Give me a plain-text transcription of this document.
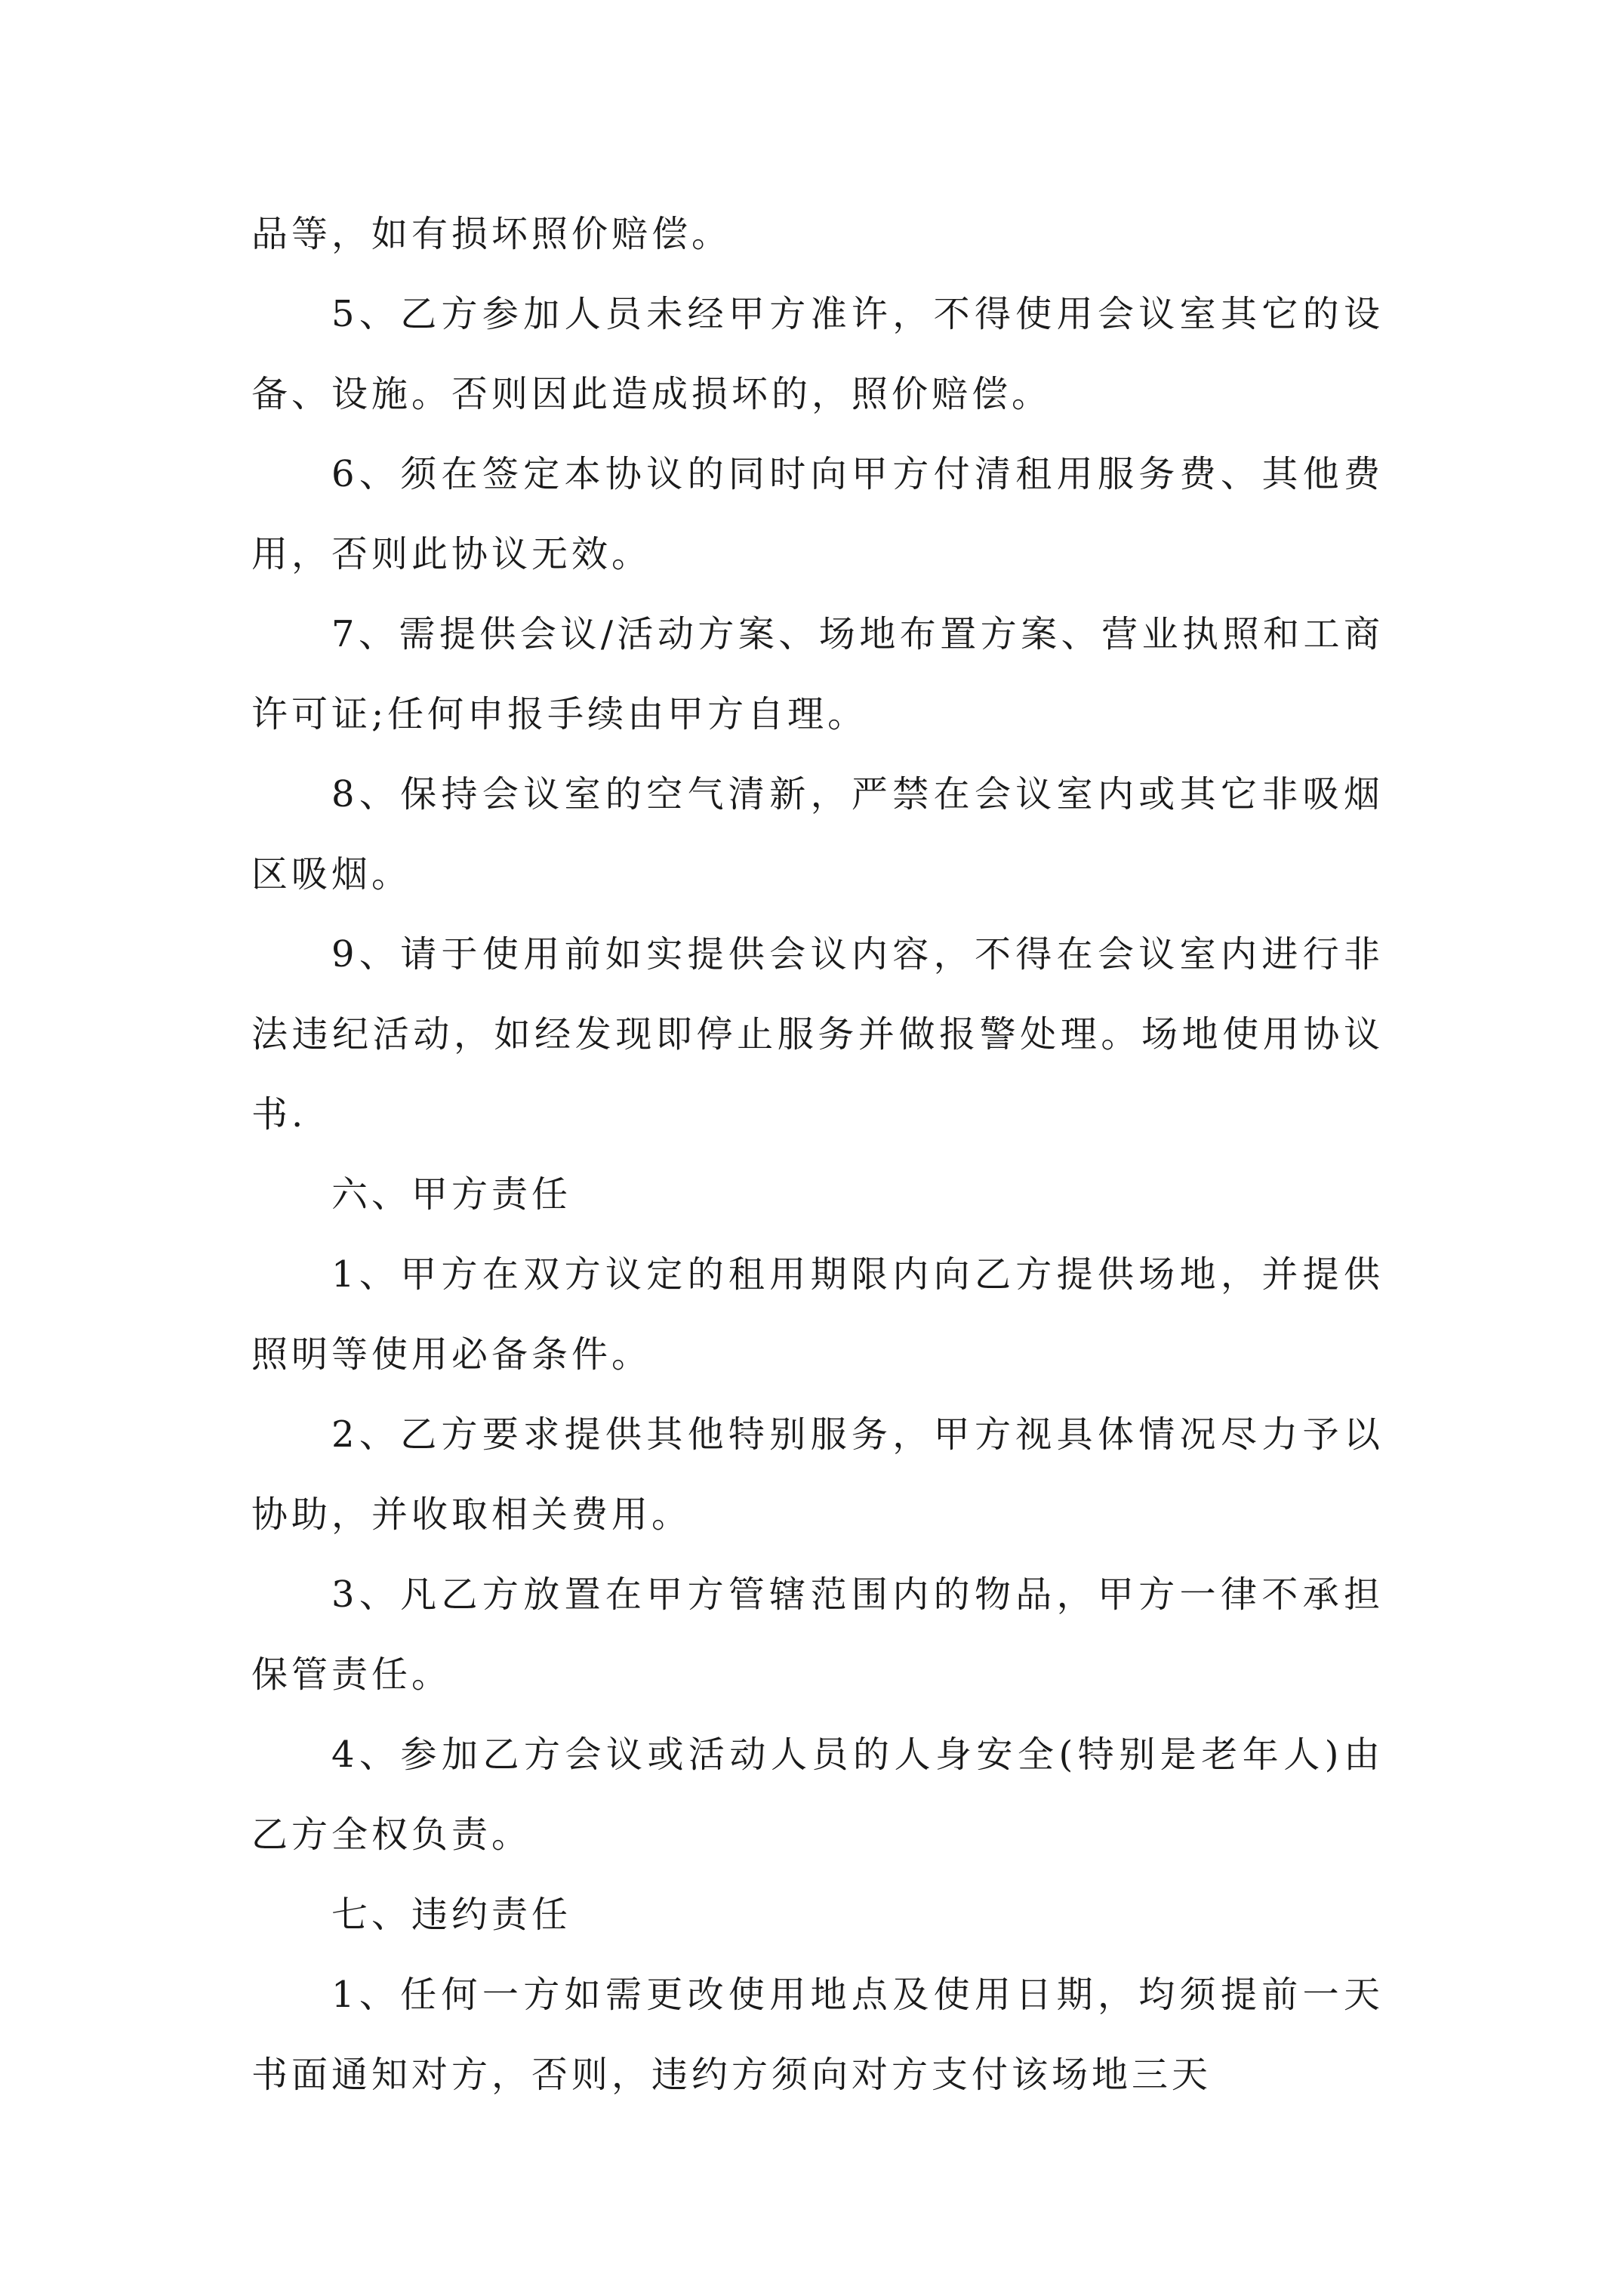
品等，如有损坏照价赔偿。

5、乙方参加人员未经甲方准许，不得使用会议室其它的设备、设施。否则因此造成损坏的，照价赔偿。

6、须在签定本协议的同时向甲方付清租用服务费、其他费用，否则此协议无效。

7、需提供会议/活动方案、场地布置方案、营业执照和工商许可证;任何申报手续由甲方自理。

8、保持会议室的空气清新，严禁在会议室内或其它非吸烟区吸烟。

9、请于使用前如实提供会议内容，不得在会议室内进行非法违纪活动，如经发现即停止服务并做报警处理。场地使用协议书.

六、甲方责任

1、甲方在双方议定的租用期限内向乙方提供场地，并提供照明等使用必备条件。

2、乙方要求提供其他特别服务，甲方视具体情况尽力予以协助，并收取相关费用。

3、凡乙方放置在甲方管辖范围内的物品，甲方一律不承担保管责任。

4、参加乙方会议或活动人员的人身安全(特别是老年人)由乙方全权负责。

七、违约责任

1、任何一方如需更改使用地点及使用日期，均须提前一天书面通知对方，否则，违约方须向对方支付该场地三天
